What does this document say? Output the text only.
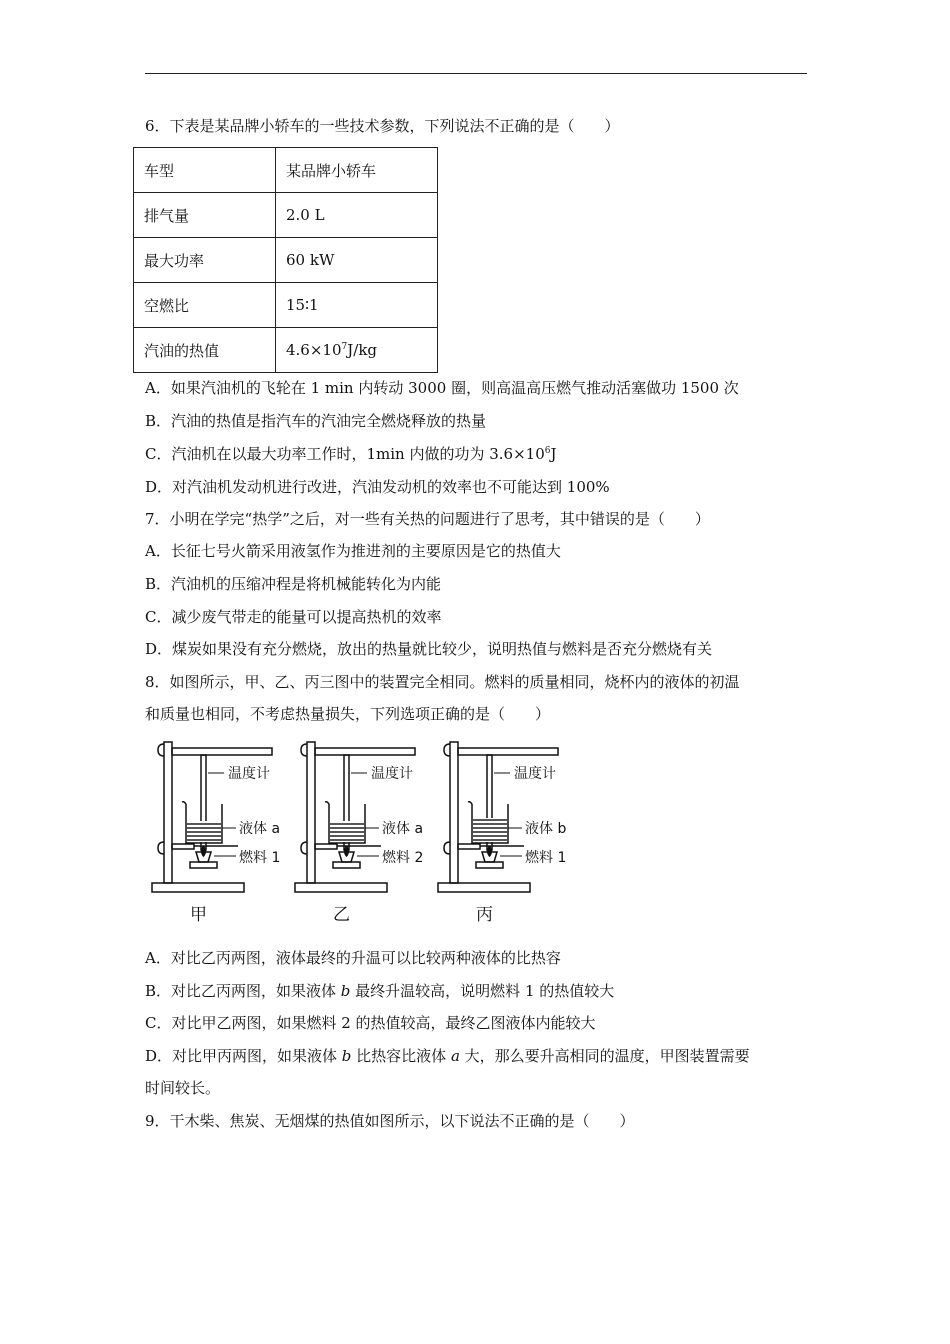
6．下表是某品牌小轿车的一些技术参数，下列说法不正确的是（　　）
车型	某品牌小轿车
排气量	2.0 L
最大功率	60 kW
空燃比	15∶1
汽油的热值	$4.6\times 10^7J/kg$
A．如果汽油机的飞轮在 1 min 内转动 3000 圈，则高温高压燃气推动活塞做功 1500 次
B．汽油的热值是指汽车的汽油完全燃烧释放的热量
C．汽油机在以最大功率工作时，1min 内做的功为 $3.6\times 10^6J$
D．对汽油机发动机进行改进，汽油发动机的效率也不可能达到 100%
7．小明在学完“热学”之后，对一些有关热的问题进行了思考，其中错误的是（　　）
A．长征七号火箭采用液氢作为推进剂的主要原因是它的热值大
B．汽油机的压缩冲程是将机械能转化为内能
C．减少废气带走的能量可以提高热机的效率
D．煤炭如果没有充分燃烧，放出的热量就比较少，说明热值与燃料是否充分燃烧有关
8．如图所示，甲、乙、丙三图中的装置完全相同。燃料的质量相同，烧杯内的液体的初温
和质量也相同，不考虑热量损失，下列选项正确的是（　　）
温度计
液体 a
燃料 1
甲
温度计
液体 a
燃料 2
乙
温度计
液体 b
燃料 1
丙
A．对比乙丙两图，液体最终的升温可以比较两种液体的比热容
B．对比乙丙两图，如果液体 b 最终升温较高，说明燃料 1 的热值较大
C．对比甲乙两图，如果燃料 2 的热值较高，最终乙图液体内能较大
D．对比甲丙两图，如果液体 b 比热容比液体 a 大，那么要升高相同的温度，甲图装置需要
时间较长。
9．干木柴、焦炭、无烟煤的热值如图所示，以下说法不正确的是（　　）
